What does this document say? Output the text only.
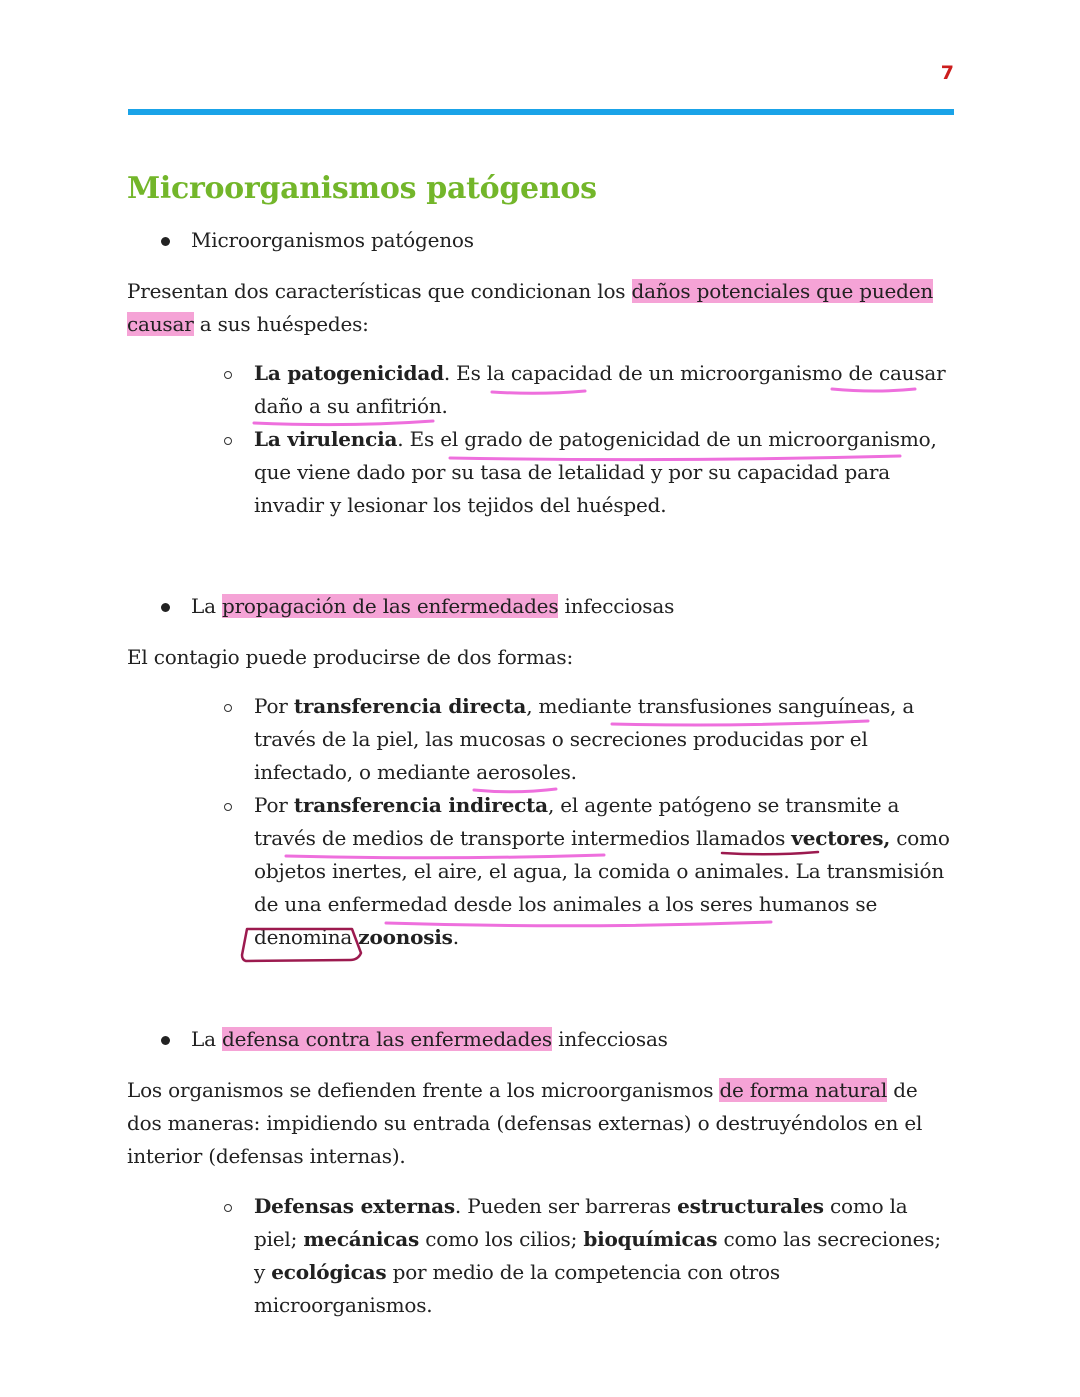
7
Microorganismos patógenos

Microorganismos patógenos

Presentan dos características que condicionan los daños potenciales que pueden causar a sus huéspedes:

La patogenicidad. Es la capacidad de un microorganismo de causar daño a su anfitrión.

La virulencia. Es el grado de patogenicidad de un microorganismo, que viene dado por su tasa de letalidad y por su capacidad para invadir y lesionar los tejidos del huésped.

La propagación de las enfermedades infecciosas

El contagio puede producirse de dos formas:

Por transferencia directa, mediante transfusiones sanguíneas, a través de la piel, las mucosas o secreciones producidas por el infectado, o mediante aerosoles.

Por transferencia indirecta, el agente patógeno se transmite a través de medios de transporte intermedios llamados vectores, como objetos inertes, el aire, el agua, la comida o animales. La transmisión de una enfermedad desde los animales a los seres humanos se denomina zoonosis.

La defensa contra las enfermedades infecciosas

Los organismos se defienden frente a los microorganismos de forma natural de dos maneras: impidiendo su entrada (defensas externas) o destruyéndolos en el interior (defensas internas).

Defensas externas. Pueden ser barreras estructurales como la piel; mecánicas como los cilios; bioquímicas como las secreciones; y ecológicas por medio de la competencia con otros microorganismos.
